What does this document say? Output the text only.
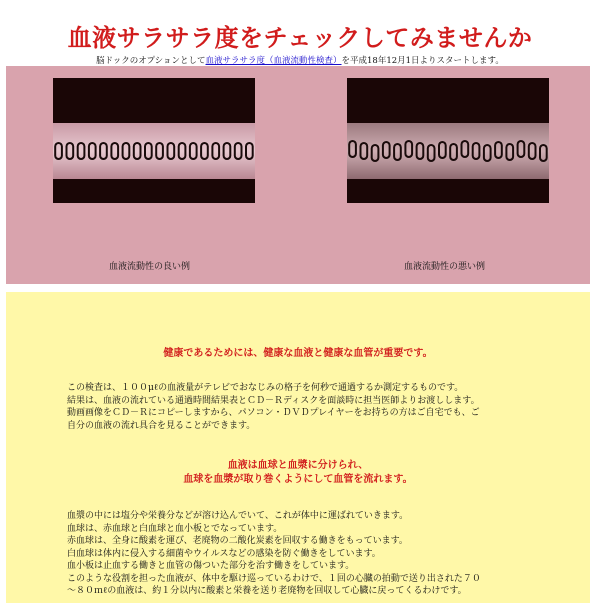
血液サラサラ度をチェックしてみませんか
脳ドックのオプションとして血液サラサラ度（血液流動性検査）を平成18年12月1日よりスタートします。
血液流動性の良い例	血液流動性の悪い例
健康であるためには、健康な血液と健康な血管が重要です。
この検査は、１００μℓの血液量がテレビでおなじみの格子を何秒で通過するか測定するものです。
結果は、血液の流れている通過時間結果表とＣＤ－Ｒディスクを面談時に担当医師よりお渡しします。
動画画像をＣＤ－Ｒにコピーしますから、パソコン・ＤＶＤプレイヤーをお持ちの方はご自宅でも、ご
自分の血液の流れ具合を見ることができます。
血液は血球と血漿に分けられ、
血球を血漿が取り巻くようにして血管を流れます。
血漿の中には塩分や栄養分などが溶け込んでいて、これが体中に運ばれていきます。
血球は、赤血球と白血球と血小板とでなっています。
赤血球は、全身に酸素を運び、老廃物の二酸化炭素を回収する働きをもっています。
白血球は体内に侵入する細菌やウイルスなどの感染を防ぐ働きをしています。
血小板は止血する働きと血管の傷ついた部分を治す働きをしています。
このような役割を担った血液が、体中を駆け巡っているわけで、１回の心臓の拍動で送り出された７０
～８０ｍℓの血液は、約１分以内に酸素と栄養を送り老廃物を回収して心臓に戻ってくるわけです。
